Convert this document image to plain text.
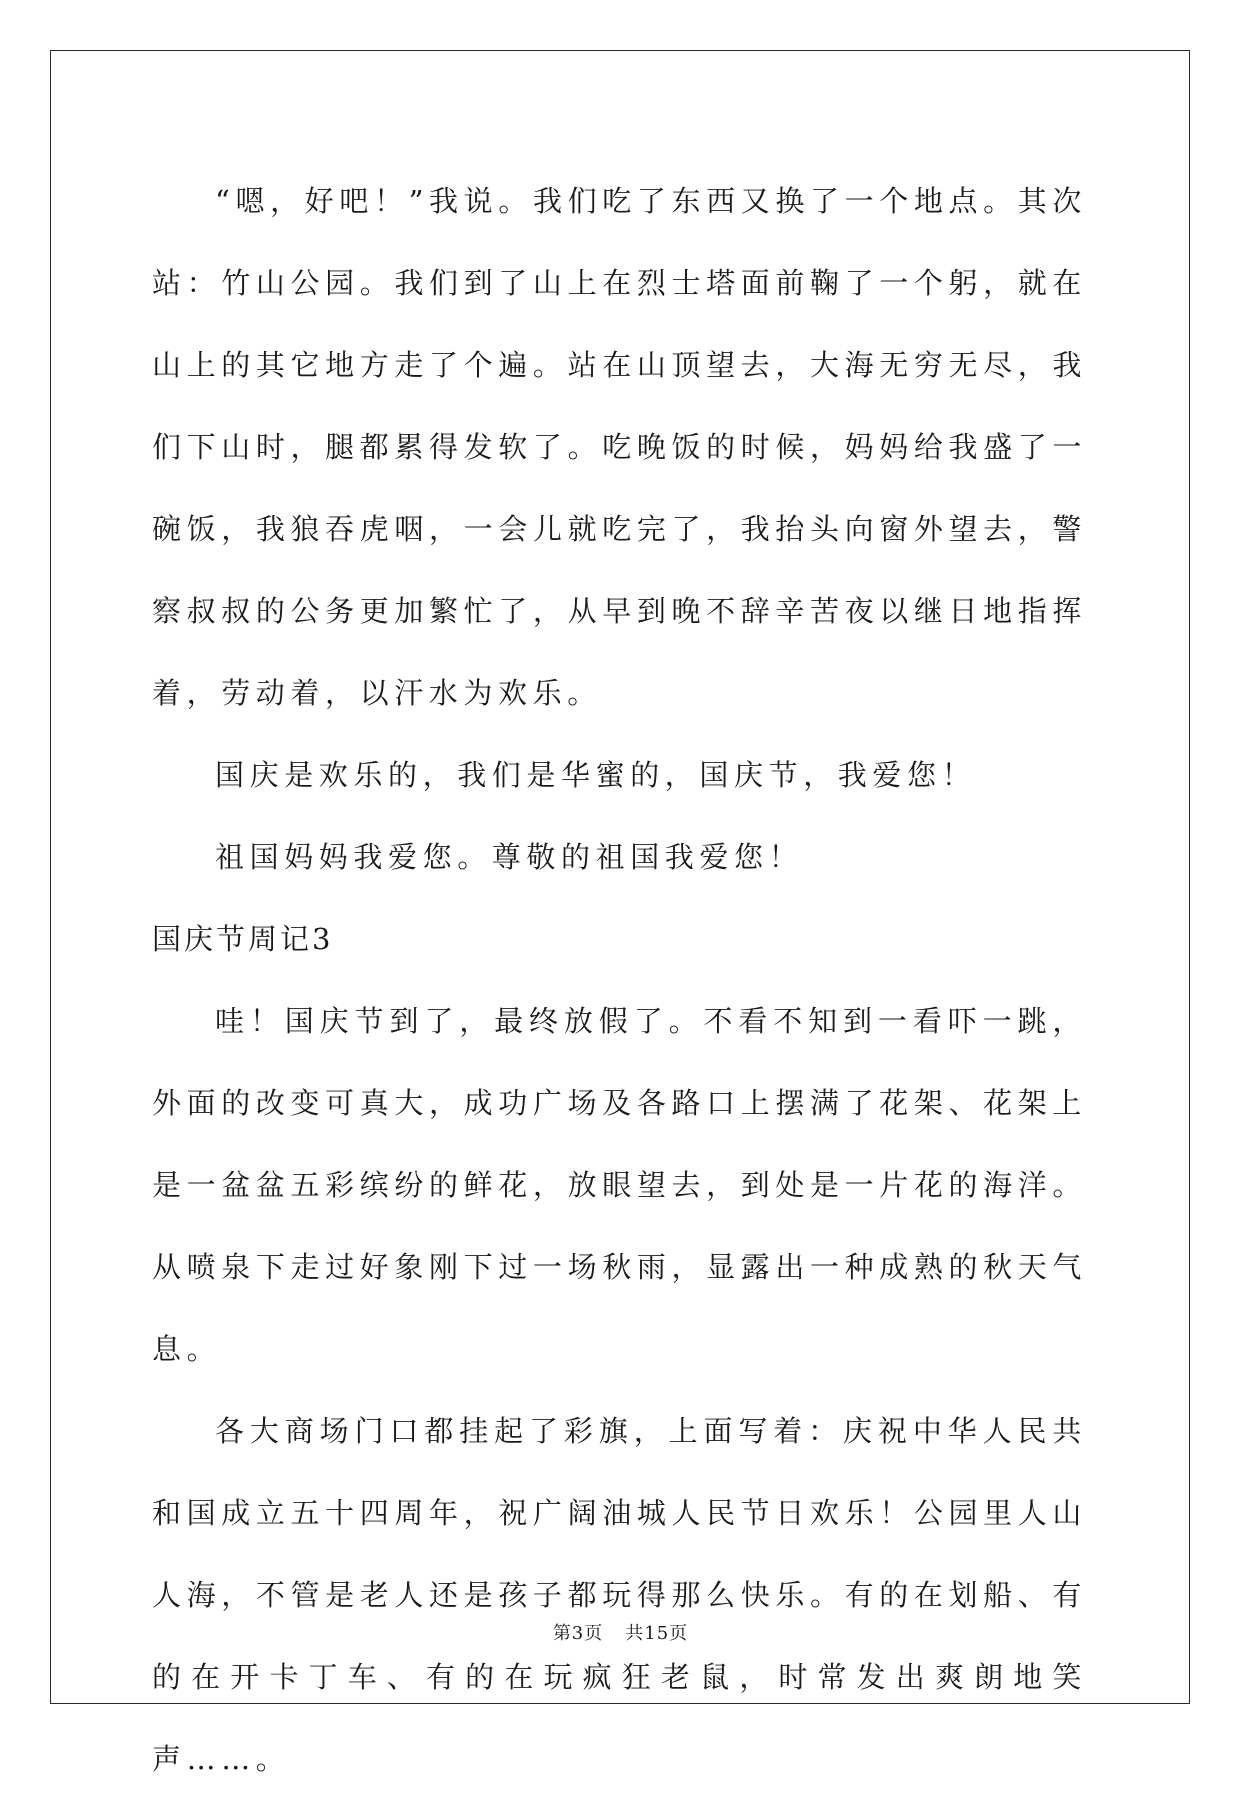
“嗯，好吧！”我说。我们吃了东西又换了一个地点。其次站：竹山公园。我们到了山上在烈士塔面前鞠了一个躬，就在山上的其它地方走了个遍。站在山顶望去，大海无穷无尽，我们下山时，腿都累得发软了。吃晚饭的时候，妈妈给我盛了一碗饭，我狼吞虎咽，一会儿就吃完了，我抬头向窗外望去，警察叔叔的公务更加繁忙了，从早到晚不辞辛苦夜以继日地指挥着，劳动着，以汗水为欢乐。

国庆是欢乐的，我们是华蜜的，国庆节，我爱您！

祖国妈妈我爱您。尊敬的祖国我爱您！

国庆节周记3

哇！国庆节到了，最终放假了。不看不知到一看吓一跳，外面的改变可真大，成功广场及各路口上摆满了花架、花架上是一盆盆五彩缤纷的鲜花，放眼望去，到处是一片花的海洋。从喷泉下走过好象刚下过一场秋雨，显露出一种成熟的秋天气息。

各大商场门口都挂起了彩旗，上面写着：庆祝中华人民共和国成立五十四周年，祝广阔油城人民节日欢乐！公园里人山人海，不管是老人还是孩子都玩得那么快乐。有的在划船、有的在开卡丁车、有的在玩疯狂老鼠，时常发出爽朗地笑声……。

第3页 共15页
